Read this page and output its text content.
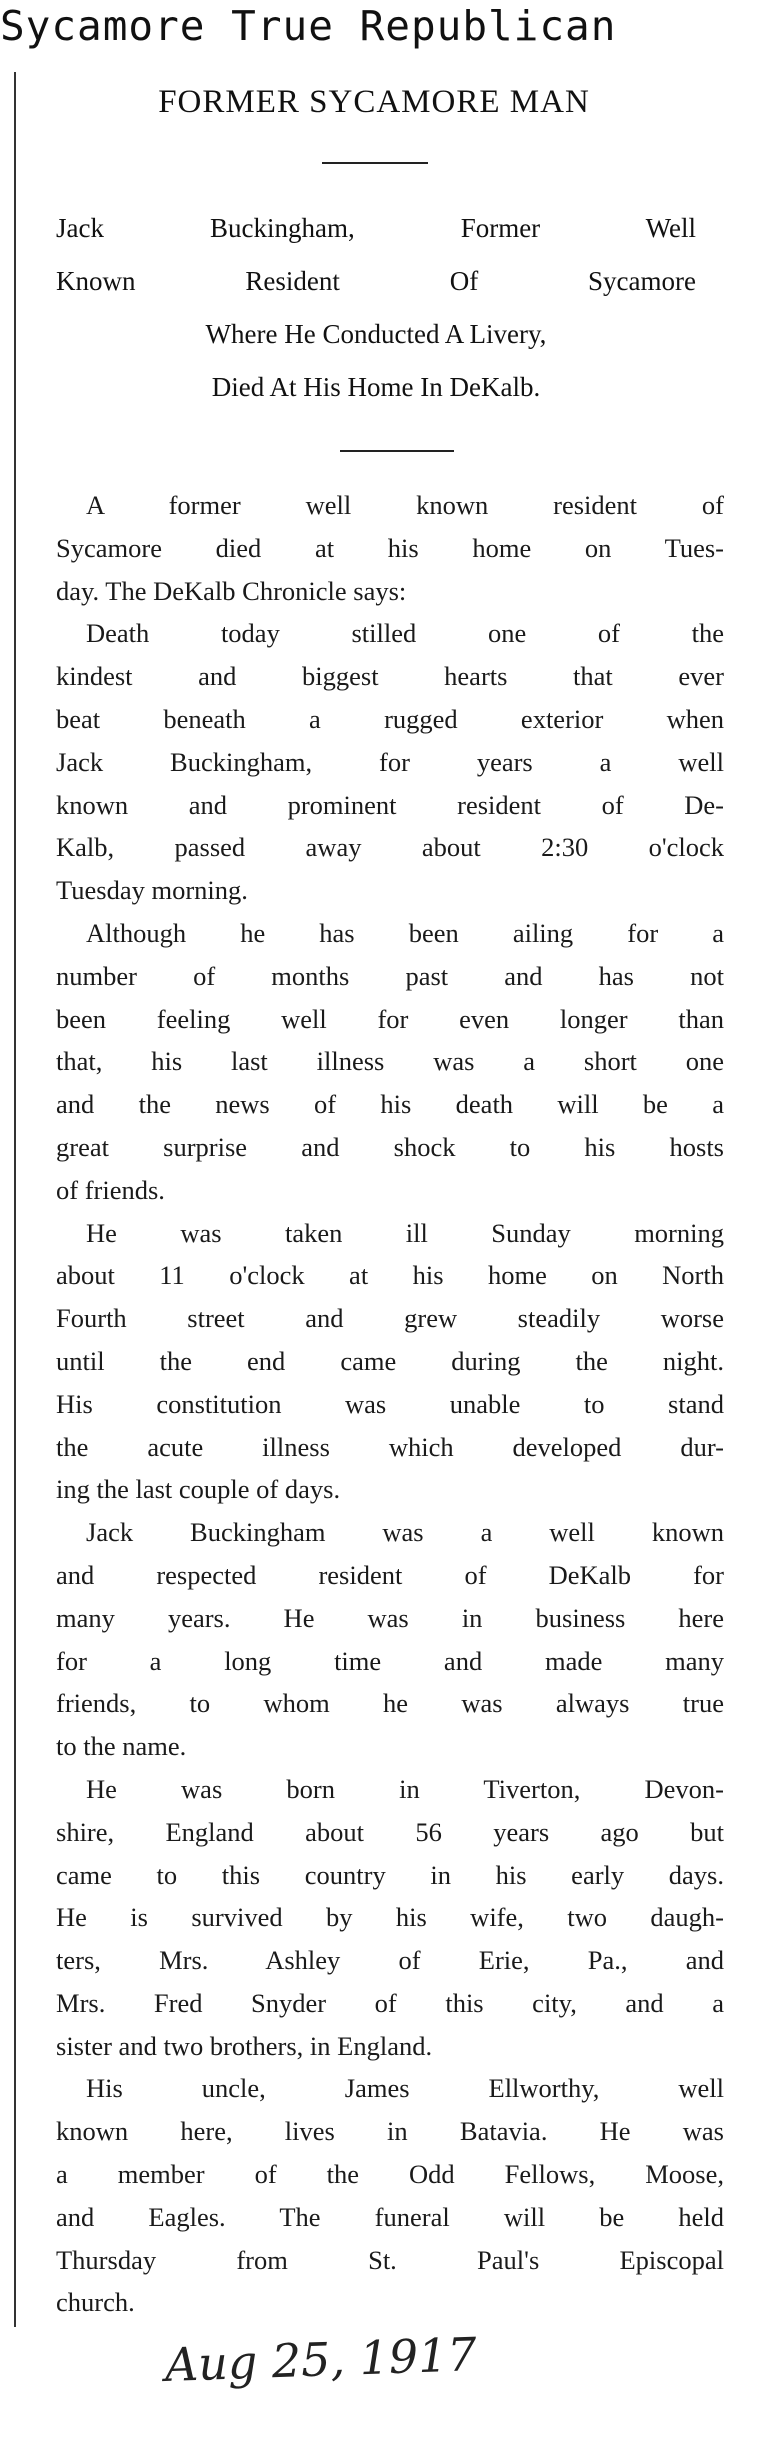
Sycamore True Republican
FORMER SYCAMORE MAN
Jack Buckingham, Former Well
Known Resident Of Sycamore
Where He Conducted A Livery,
Died At His Home In DeKalb.
A former well known resident of
Sycamore died at his home on Tues-
day. The DeKalb Chronicle says:
Death today stilled one of the
kindest and biggest hearts that ever
beat beneath a rugged exterior when
Jack Buckingham, for years a well
known and prominent resident of De-
Kalb, passed away about 2:30 o'clock
Tuesday morning.
Although he has been ailing for a
number of months past and has not
been feeling well for even longer than
that, his last illness was a short one
and the news of his death will be a
great surprise and shock to his hosts
of friends.
He was taken ill Sunday morning
about 11 o'clock at his home on North
Fourth street and grew steadily worse
until the end came during the night.
His constitution was unable to stand
the acute illness which developed dur-
ing the last couple of days.
Jack Buckingham was a well known
and respected resident of DeKalb for
many years. He was in business here
for a long time and made many
friends, to whom he was always true
to the name.
He was born in Tiverton, Devon-
shire, England about 56 years ago but
came to this country in his early days.
He is survived by his wife, two daugh-
ters, Mrs. Ashley of Erie, Pa., and
Mrs. Fred Snyder of this city, and a
sister and two brothers, in England.
His uncle, James Ellworthy, well
known here, lives in Batavia. He was
a member of the Odd Fellows, Moose,
and Eagles. The funeral will be held
Thursday from St. Paul's Episcopal
church.
Aug 25, 1917
